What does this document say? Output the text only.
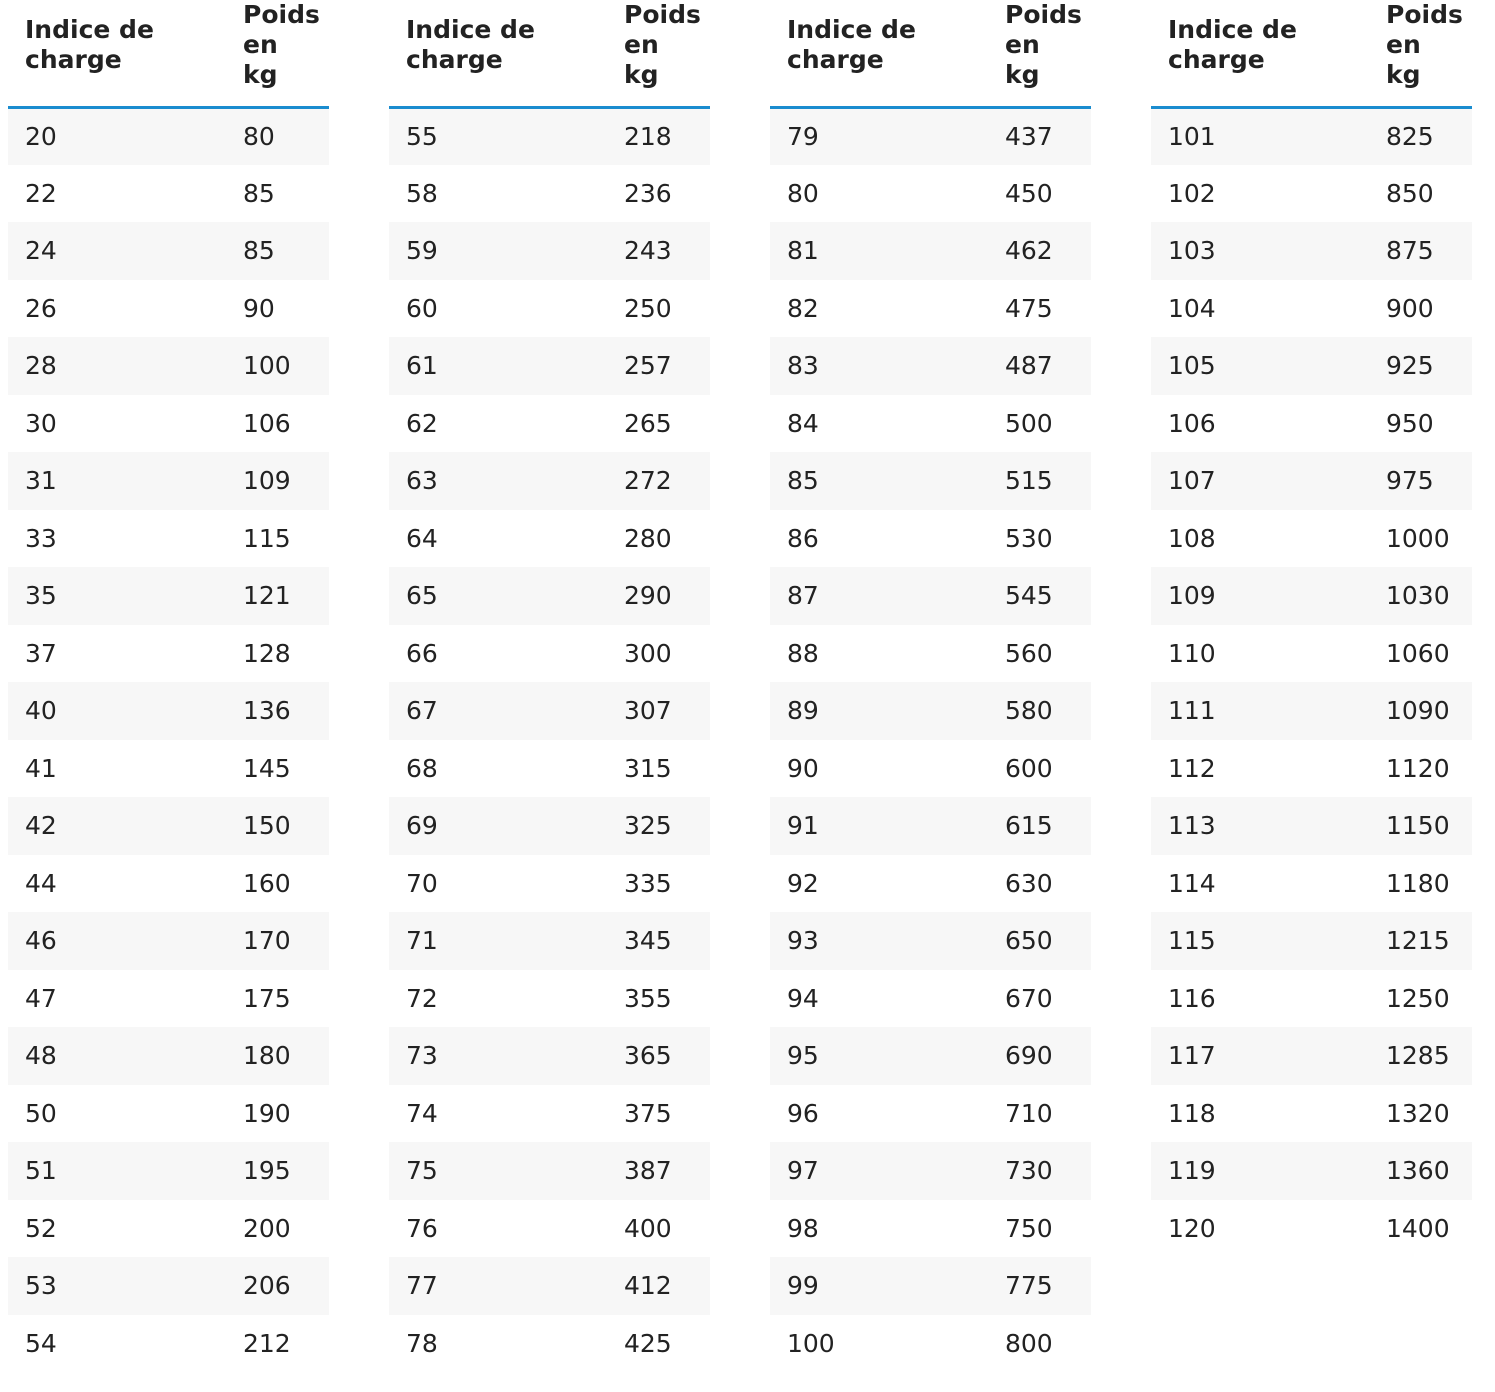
Indice de
charge	Poids
en
kg

20	80
22	85
24	85
26	90
28	100
30	106
31	109
33	115
35	121
37	128
40	136
41	145
42	150
44	160
46	170
47	175
48	180
50	190
51	195
52	200
53	206
54	212
Indice de
charge	Poids
en
kg

55	218
58	236
59	243
60	250
61	257
62	265
63	272
64	280
65	290
66	300
67	307
68	315
69	325
70	335
71	345
72	355
73	365
74	375
75	387
76	400
77	412
78	425
Indice de
charge	Poids
en
kg

79	437
80	450
81	462
82	475
83	487
84	500
85	515
86	530
87	545
88	560
89	580
90	600
91	615
92	630
93	650
94	670
95	690
96	710
97	730
98	750
99	775
100	800
Indice de
charge	Poids
en
kg

101	825
102	850
103	875
104	900
105	925
106	950
107	975
108	1000
109	1030
110	1060
111	1090
112	1120
113	1150
114	1180
115	1215
116	1250
117	1285
118	1320
119	1360
120	1400
